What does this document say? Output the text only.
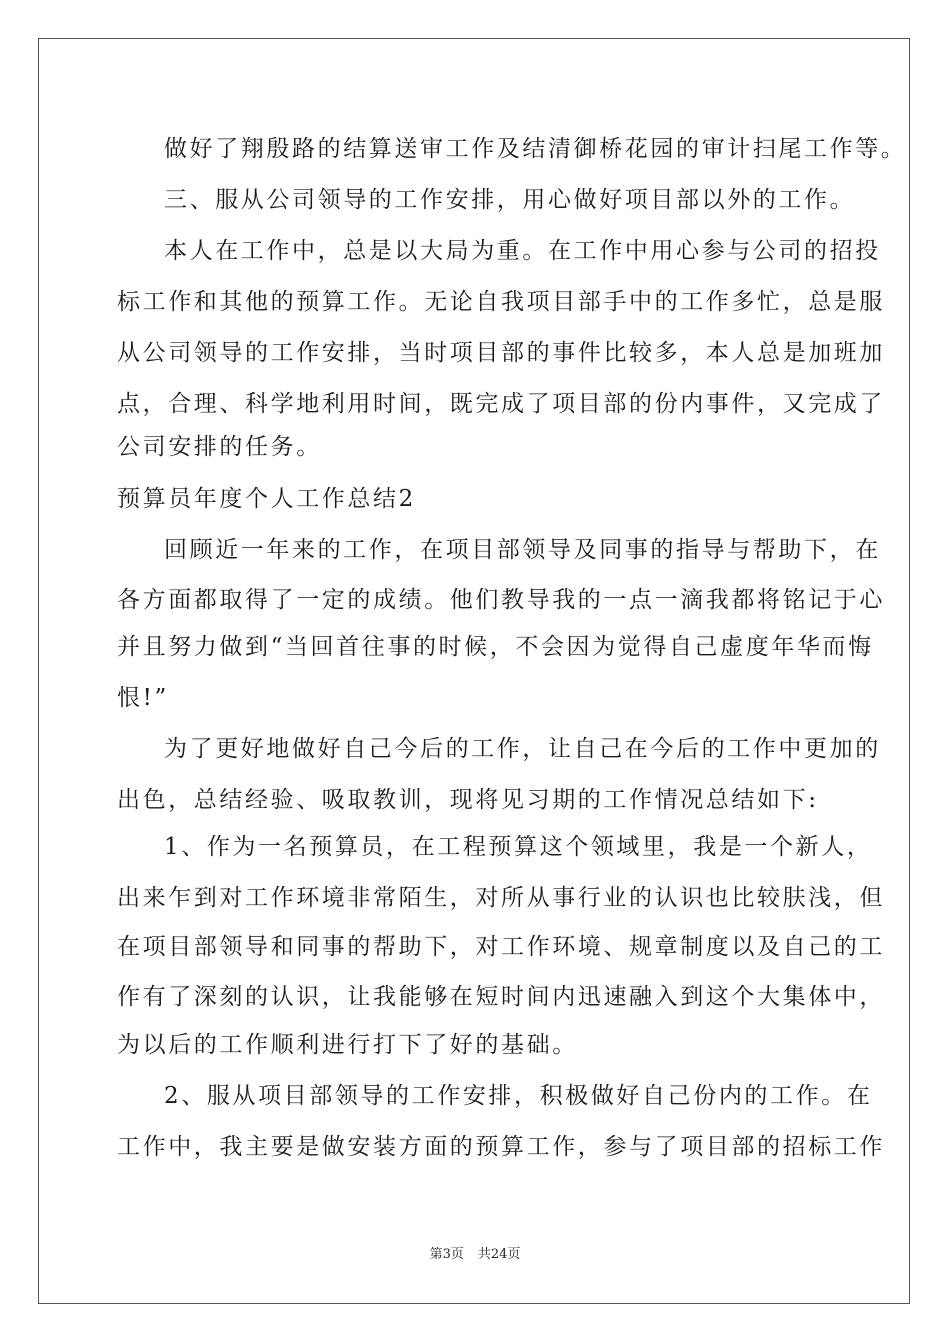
做好了翔殷路的结算送审工作及结清御桥花园的审计扫尾工作等。
三、服从公司领导的工作安排，用心做好项目部以外的工作。
本人在工作中，总是以大局为重。在工作中用心参与公司的招投
标工作和其他的预算工作。无论自我项目部手中的工作多忙，总是服
从公司领导的工作安排，当时项目部的事件比较多，本人总是加班加
点，合理、科学地利用时间，既完成了项目部的份内事件，又完成了
公司安排的任务。
预算员年度个人工作总结2
回顾近一年来的工作，在项目部领导及同事的指导与帮助下，在
各方面都取得了一定的成绩。他们教导我的一点一滴我都将铭记于心
并且努力做到“当回首往事的时候，不会因为觉得自己虚度年华而悔
恨!”
为了更好地做好自己今后的工作，让自己在今后的工作中更加的
出色，总结经验、吸取教训，现将见习期的工作情况总结如下:
1、作为一名预算员，在工程预算这个领域里，我是一个新人，
出来乍到对工作环境非常陌生，对所从事行业的认识也比较肤浅，但
在项目部领导和同事的帮助下，对工作环境、规章制度以及自己的工
作有了深刻的认识，让我能够在短时间内迅速融入到这个大集体中，
为以后的工作顺利进行打下了好的基础。
2、服从项目部领导的工作安排，积极做好自己份内的工作。在
工作中，我主要是做安装方面的预算工作，参与了项目部的招标工作
第3页 共24页
